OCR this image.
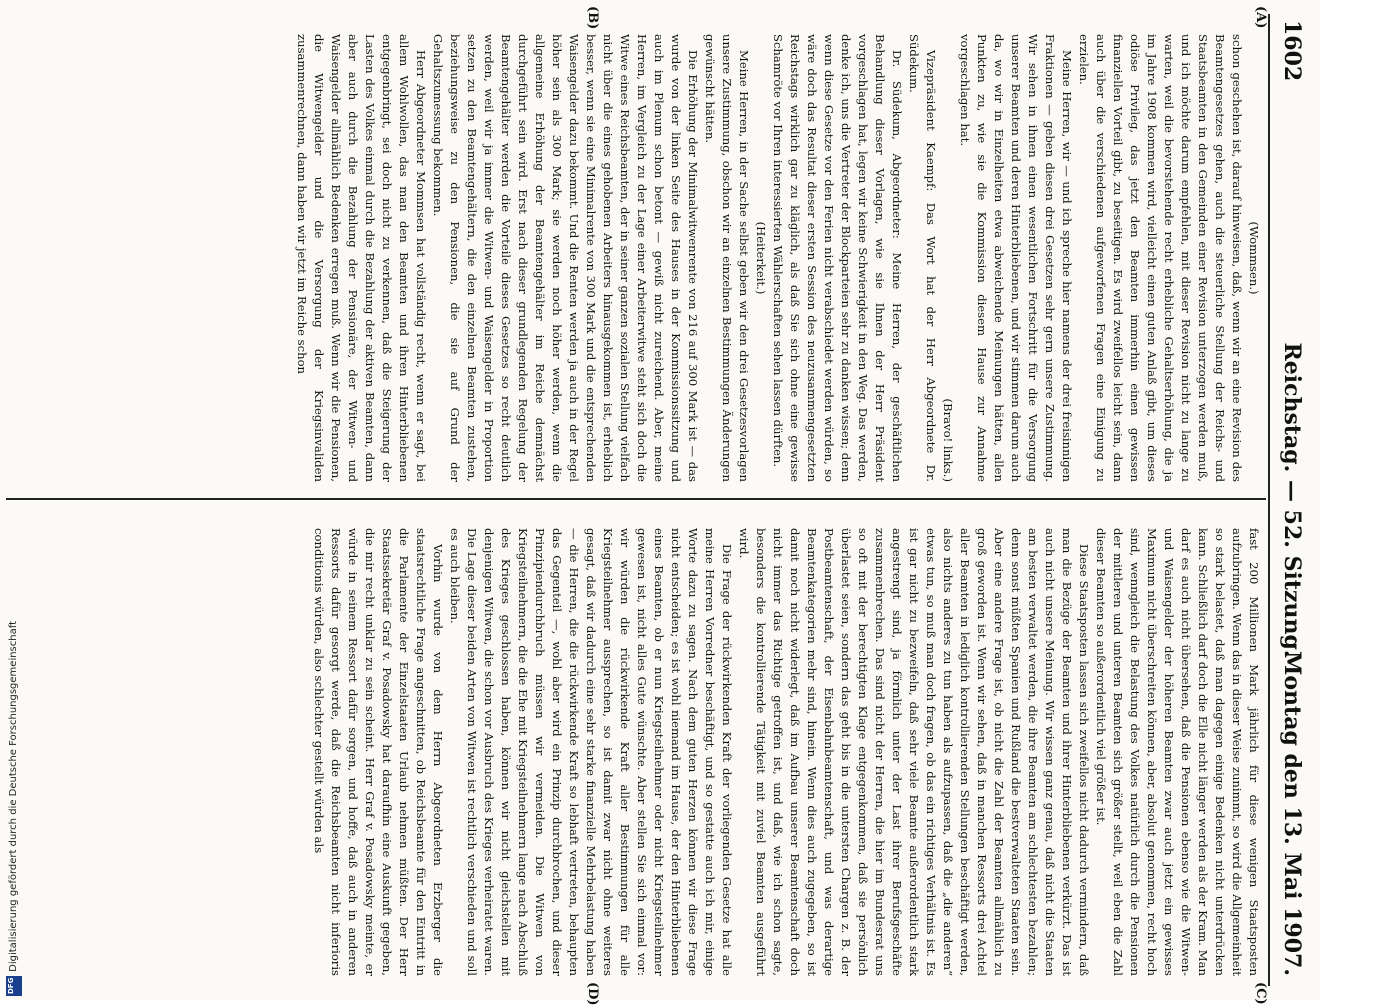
1602
Reichstag. — 52. Sitzung.
Montag den 13. Mai 1907.
(A)
(B)
(C)
(D)

(Wommsen.)

schon geschehen ist, darauf hinweisen, daß, wenn wir an eine Revision des Beamtengesetzes gehen, auch die steuerliche Stellung der Reichs- und Staatsbeamten in den Gemeinden einer Revision unterzogen werden muß, und ich möchte darum empfehlen, mit dieser Revision nicht zu lange zu warten, weil die bevorstehende recht erhebliche Gehaltserhöhung, die ja im Jahre 1908 kommen wird, vielleicht einen guten Anlaß gibt, um dieses odiöse Privileg, das jetzt den Beamten immerhin einen gewissen finanziellen Vorteil gibt, zu beseitigen. Es wird zweifellos leicht sein, dann auch über die verschiedenen aufgeworfenen Fragen eine Einigung zu erzielen.

Meine Herren, wir — und ich spreche hier namens der drei freisinnigen Fraktionen — geben diesen drei Gesetzen sehr gern unsere Zustimmung. Wir sehen in ihnen einen wesentlichen Fortschritt für die Versorgung unserer Beamten und deren Hinterbliebenen, und wir stimmen darum auch da, wo wir in Einzelheiten etwa abweichende Meinungen hätten, allen Punkten zu, wie sie die Kommission diesem Hause zur Annahme vorgeschlagen hat.

(Bravo! links.)

Vizepräsident Kaempf: Das Wort hat der Herr Abgeordnete Dr. Südekum.

Dr. Südekum, Abgeordneter: Meine Herren, der geschäftlichen Behandlung dieser Vorlagen, wie sie Ihnen der Herr Präsident vorgeschlagen hat, legen wir keine Schwierigkeit in den Weg. Das werden, denke ich, uns die Vertreter der Blockparteien sehr zu danken wissen; denn wenn diese Gesetze vor den Ferien nicht verabschiedet werden würden, so wäre doch das Resultat dieser ersten Session des neuzusammengesetzten Reichstags wirklich gar zu kläglich, als daß Sie sich ohne eine gewisse Schamröte vor Ihren interessierten Wählerschaften sehen lassen dürften.

(Heiterkeit.)

Meine Herren, in der Sache selbst geben wir den drei Gesetzesvorlagen unsere Zustimmung, obschon wir an einzelnen Bestimmungen Änderungen gewünscht hätten.

Die Erhöhung der Minimalwitwenrente von 216 auf 300 Mark ist — das wurde von der linken Seite des Hauses in der Kommissionssitzung und auch im Plenum schon betont — gewiß nicht zureichend. Aber, meine Herren, im Vergleich zu der Lage einer Arbeiterwitwe steht sich doch die Witwe eines Reichsbeamten, der in seiner ganzen sozialen Stellung vielfach nicht über die eines gehobenen Arbeiters hinausgekommen ist, erheblich besser, wenn sie eine Minimalrente von 300 Mark und die entsprechenden Waisengelder dazu bekommt. Und die Renten werden ja auch in der Regel höher sein als 300 Mark; sie werden noch höher werden, wenn die allgemeine Erhöhung der Beamtengehälter im Reiche demnächst durchgeführt sein wird. Erst nach dieser grundlegenden Regelung der Beamtengehälter werden die Vorteile dieses Gesetzes so recht deutlich werden, weil wir ja immer die Witwen- und Waisengelder in Proportion setzen zu den Beamtengehältern, die den einzelnen Beamten zustehen, beziehungsweise zu den Pensionen, die sie auf Grund der Gehaltszumessung bekommen.

Herr Abgeordneter Mommsen hat vollständig recht, wenn er sagt, bei allem Wohlwollen, das man den Beamten und ihren Hinterbliebenen entgegenbringt, sei doch nicht zu verkennen, daß die Steigerung der Lasten des Volkes einmal durch die Bezahlung der aktiven Beamten, dann aber auch durch die Bezahlung der Pensionäre, der Witwen- und Waisengelder allmählich Bedenken erregen muß. Wenn wir die Pensionen, die Witwengelder und die Versorgung der Kriegsinvaliden zusammenrechnen, dann haben wir jetzt im Reiche schon

fast 200 Millionen Mark jährlich für diese wenigen Staatsposten aufzubringen. Wenn das in dieser Weise zunimmt, so wird die Allgemeinheit so stark belastet, daß man dagegen einige Bedenken nicht unterdrücken kann. Schließlich darf doch die Elle nicht länger werden als der Kram. Man darf es auch nicht übersehen, daß die Pensionen ebenso wie die Witwen- und Waisengelder der höheren Beamten zwar auch jetzt ein gewisses Maximum nicht überschreiten können, aber, absolut genommen, recht hoch sind, wenngleich die Belastung des Volkes natürlich durch die Pensionen der mittleren und unteren Beamten sich größer stellt, weil eben die Zahl dieser Beamten so außerordentlich viel größer ist.

Diese Staatsposten lassen sich zweifellos nicht dadurch vermindern, daß man die Bezüge der Beamten und ihrer Hinterbliebenen verkürzt. Das ist auch nicht unsere Meinung. Wir wissen ganz genau, daß nicht die Staaten am besten verwaltet werden, die ihre Beamten am schlechtesten bezahlen; denn sonst müßten Spanien und Rußland die bestverwalteten Staaten sein. Aber eine andere Frage ist, ob nicht die Zahl der Beamten allmählich zu groß geworden ist. Wenn wir sehen, daß in manchen Ressorts drei Achtel aller Beamten in lediglich kontrollierenden Stellungen beschäftigt werden, also nichts anderes zu tun haben als aufzupassen, daß die „die anderen“ etwas tun, so muß man doch fragen, ob das ein richtiges Verhältnis ist. Es ist gar nicht zu bezweifeln, daß sehr viele Beamte außerordentlich stark angestrengt sind, ja förmlich unter der Last ihrer Berufsgeschäfte zusammenbrechen. Das sind nicht der Herren, die hier im Bundesrat uns so oft mit der berechtigten Klage entgegenkommen, daß sie persönlich überlastet seien, sondern das geht bis in die untersten Chargen z. B. der Postbeamtenschaft, der Eisenbahnbeamtenschaft, und was derartige Beamtenkategorien mehr sind, hinein. Wenn dies auch zugegeben, so ist damit noch nicht widerlegt, daß im Aufbau unserer Beamtenschaft doch nicht immer das Richtige getroffen ist, und daß, wie ich schon sagte, besonders die kontrollierende Tätigkeit mit zuviel Beamten ausgeführt wird.

Die Frage der rückwirkenden Kraft der vorliegenden Gesetze hat alle meine Herren Vorredner beschäftigt, und so gestatte auch ich mir, einige Worte dazu zu sagen. Nach dem guten Herzen können wir diese Frage nicht entscheiden; es ist wohl niemand im Hause, der den Hinterbliebenen eines Beamten, ob er nun Kriegsteilnehmer oder nicht Kriegsteilnehmer gewesen ist, nicht alles Gute wünschte. Aber stellen Sie sich einmal vor: wir würden die rückwirkende Kraft aller Bestimmungen für alle Kriegsteilnehmer aussprechen, so ist damit zwar nicht ohne weiteres gesagt, daß wir dadurch eine sehr starke finanzielle Mehrbelastung haben — die Herren, die die rückwirkende Kraft so lebhaft vertreten, behaupten das Gegenteil —, wohl aber wird ein Prinzip durchbrochen, und dieser Prinzipiendurchbruch müssen wir vermeiden. Die Witwen von Kriegsteilnehmern, die die Ehe mit Kriegsteilnehmern lange nach Abschluß des Krieges geschlossen haben, können wir nicht gleichstellen mit denjenigen Witwen, die schon vor Ausbruch des Krieges verheiratet waren. Die Lage dieser beiden Arten von Witwen ist rechtlich verschieden und soll es auch bleiben.

Vorhin wurde von dem Herrn Abgeordneten Erzberger die staatsrechtliche Frage angeschnitten, ob Reichsbeamte für den Eintritt in die Parlamente der Einzelstaaten Urlaub nehmen müßten. Der Herr Staatssekretär Graf v. Posadowsky hat daraufhin eine Auskunft gegeben, die mir recht unklar zu sein scheint. Herr Graf v. Posadowsky meinte, er würde in seinem Ressort dafür sorgen, und hoffe, daß auch in anderen Ressorts dafür gesorgt werde, daß die Reichsbeamten nicht inferioris conditionis würden, also schlechter gestellt würden als

Digitalisierung gefördert durch die Deutsche Forschungsgemeinschaft
DFG
